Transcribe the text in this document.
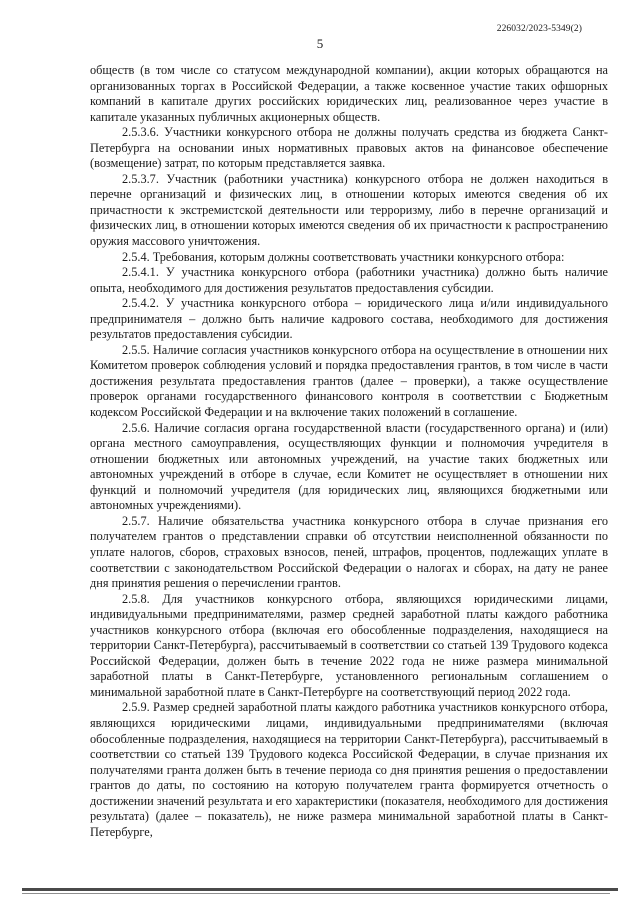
226032/2023-5349(2)
5

обществ (в том числе со статусом международной компании), акции которых обращаются на организованных торгах в Российской Федерации, а также косвенное участие таких офшорных компаний в капитале других российских юридических лиц, реализованное через участие в капитале указанных публичных акционерных обществ.

2.5.3.6. Участники конкурсного отбора не должны получать средства из бюджета Санкт-Петербурга на основании иных нормативных правовых актов на финансовое обеспечение (возмещение) затрат, по которым представляется заявка.

2.5.3.7. Участник (работники участника) конкурсного отбора не должен находиться в перечне организаций и физических лиц, в отношении которых имеются сведения об их причастности к экстремистской деятельности или терроризму, либо в перечне организаций и физических лиц, в отношении которых имеются сведения об их причастности к распространению оружия массового уничтожения.

2.5.4. Требования, которым должны соответствовать участники конкурсного отбора:

2.5.4.1. У участника конкурсного отбора (работники участника) должно быть наличие опыта, необходимого для достижения результатов предоставления субсидии.

2.5.4.2. У участника конкурсного отбора – юридического лица и/или индивидуального предпринимателя – должно быть наличие кадрового состава, необходимого для достижения результатов предоставления субсидии.

2.5.5. Наличие согласия участников конкурсного отбора на осуществление в отношении них Комитетом проверок соблюдения условий и порядка предоставления грантов, в том числе в части достижения результата предоставления грантов (далее – проверки), а также осуществление проверок органами государственного финансового контроля в соответствии с Бюджетным кодексом Российской Федерации и на включение таких положений в соглашение.

2.5.6. Наличие согласия органа государственной власти (государственного органа) и (или) органа местного самоуправления, осуществляющих функции и полномочия учредителя в отношении бюджетных или автономных учреждений, на участие таких бюджетных или автономных учреждений в отборе в случае, если Комитет не осуществляет в отношении них функций и полномочий учредителя (для юридических лиц, являющихся бюджетными или автономных учреждениями).

2.5.7. Наличие обязательства участника конкурсного отбора в случае признания его получателем грантов о представлении справки об отсутствии неисполненной обязанности по уплате налогов, сборов, страховых взносов, пеней, штрафов, процентов, подлежащих уплате в соответствии с законодательством Российской Федерации о налогах и сборах, на дату не ранее дня принятия решения о перечислении грантов.

2.5.8. Для участников конкурсного отбора, являющихся юридическими лицами, индивидуальными предпринимателями, размер средней заработной платы каждого работника участников конкурсного отбора (включая его обособленные подразделения, находящиеся на территории Санкт-Петербурга), рассчитываемый в соответствии со статьей 139 Трудового кодекса Российской Федерации, должен быть в течение 2022 года не ниже размера минимальной заработной платы в Санкт-Петербурге, установленного региональным соглашением о минимальной заработной плате в Санкт-Петербурге на соответствующий период 2022 года.

2.5.9. Размер средней заработной платы каждого работника участников конкурсного отбора, являющихся юридическими лицами, индивидуальными предпринимателями (включая обособленные подразделения, находящиеся на территории Санкт-Петербурга), рассчитываемый в соответствии со статьей 139 Трудового кодекса Российской Федерации, в случае признания их получателями гранта должен быть в течение периода со дня принятия решения о предоставлении грантов до даты, по состоянию на которую получателем гранта формируется отчетность о достижении значений результата и его характеристики (показателя, необходимого для достижения результата) (далее – показатель), не ниже размера минимальной заработной платы в Санкт-Петербурге,
